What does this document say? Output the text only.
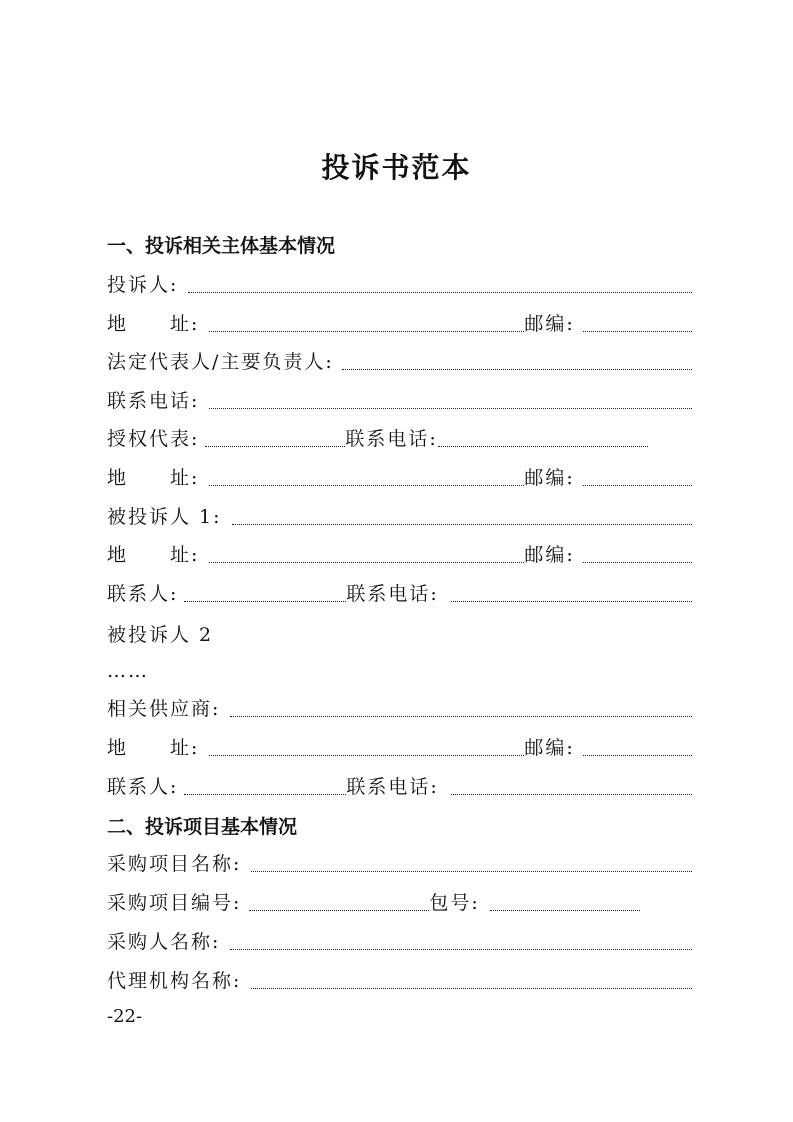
投诉书范本
一、投诉相关主体基本情况
投诉人:
地　　址:	邮编:
法定代表人/主要负责人:
联系电话:
授权代表:	联系电话:
地　　址:	邮编:
被投诉人 1:
地　　址:	邮编:
联系人:	联系电话:
被投诉人 2
……
相关供应商:
地　　址:	邮编:
联系人:	联系电话:
二、投诉项目基本情况
采购项目名称:
采购项目编号:	包号:
采购人名称:
代理机构名称:
-22-
